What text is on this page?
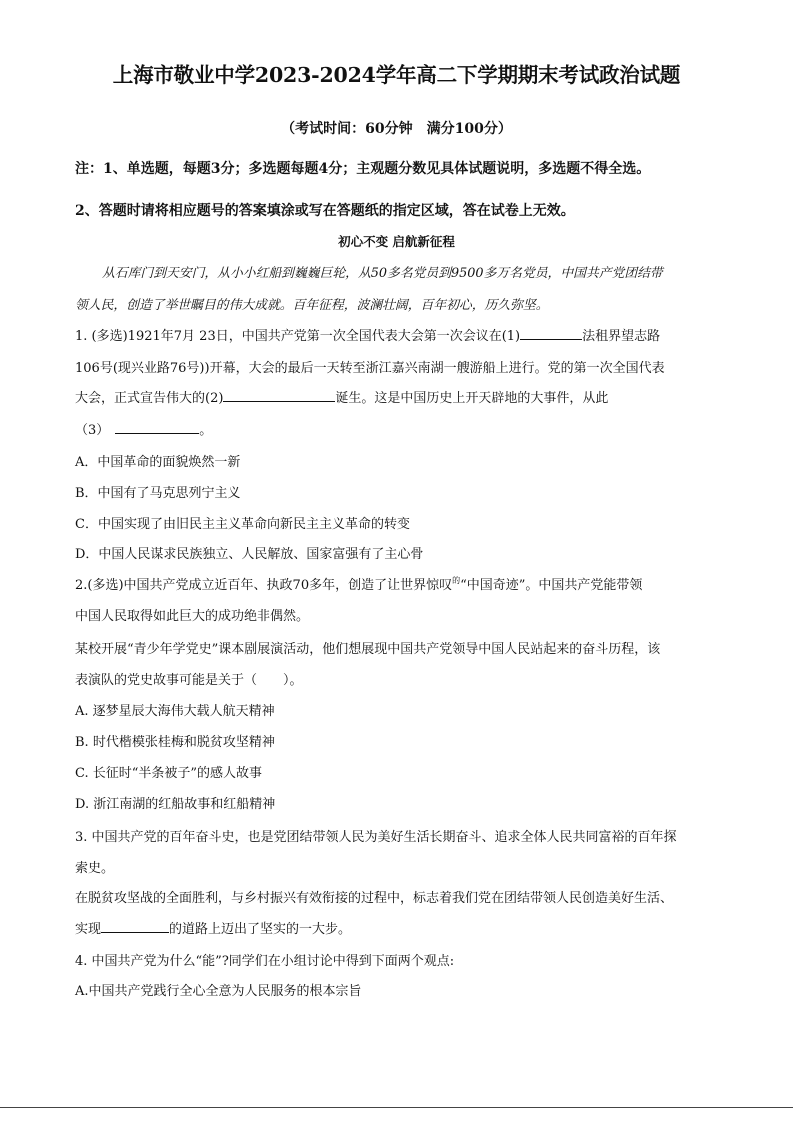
上海市敬业中学2023-2024学年高二下学期期末考试政治试题
（考试时间：60分钟　满分100分）
注：1、单选题，每题3分；多选题每题4分；主观题分数见具体试题说明，多选题不得全选。
2、答题时请将相应题号的答案填涂或写在答题纸的指定区域，答在试卷上无效。
初心不变 启航新征程
从石库门到天安门，从小小红船到巍巍巨轮，从50多名党员到9500多万名党员，中国共产党团结带
领人民，创造了举世瞩目的伟大成就。百年征程，波澜壮阔，百年初心，历久弥坚。
1. (多选)1921年7月 23日，中国共产党第一次全国代表大会第一次会议在(1)	法租界望志路
106号(现兴业路76号))开幕，大会的最后一天转至浙江嘉兴南湖一艘游船上进行。党的第一次全国代表
大会，正式宣告伟大的(2)	诞生。这是中国历史上开天辟地的大事件，从此
（3）	。
A．中国革命的面貌焕然一新
B．中国有了马克思列宁主义
C．中国实现了由旧民主主义革命向新民主主义革命的转变
D．中国人民谋求民族独立、人民解放、国家富强有了主心骨
2.(多选)中国共产党成立近百年、执政70多年，创造了让世界惊叹$^的$“中国奇迹”。中国共产党能带领
中国人民取得如此巨大的成功绝非偶然。
某校开展“青少年学党史”课本剧展演活动，他们想展现中国共产党领导中国人民站起来的奋斗历程，该
表演队的党史故事可能是关于（　　）。
A. 逐梦星辰大海伟大载人航天精神
B. 时代楷模张桂梅和脱贫攻坚精神
C. 长征时“半条被子”的感人故事
D. 浙江南湖的红船故事和红船精神
3. 中国共产党的百年奋斗史，也是党团结带领人民为美好生活长期奋斗、追求全体人民共同富裕的百年探
索史。
在脱贫攻坚战的全面胜利，与乡村振兴有效衔接的过程中，标志着我们党在团结带领人民创造美好生活、
实现	的道路上迈出了坚实的一大步。
4. 中国共产党为什么“能”?同学们在小组讨论中得到下面两个观点:
A.中国共产党践行全心全意为人民服务的根本宗旨
